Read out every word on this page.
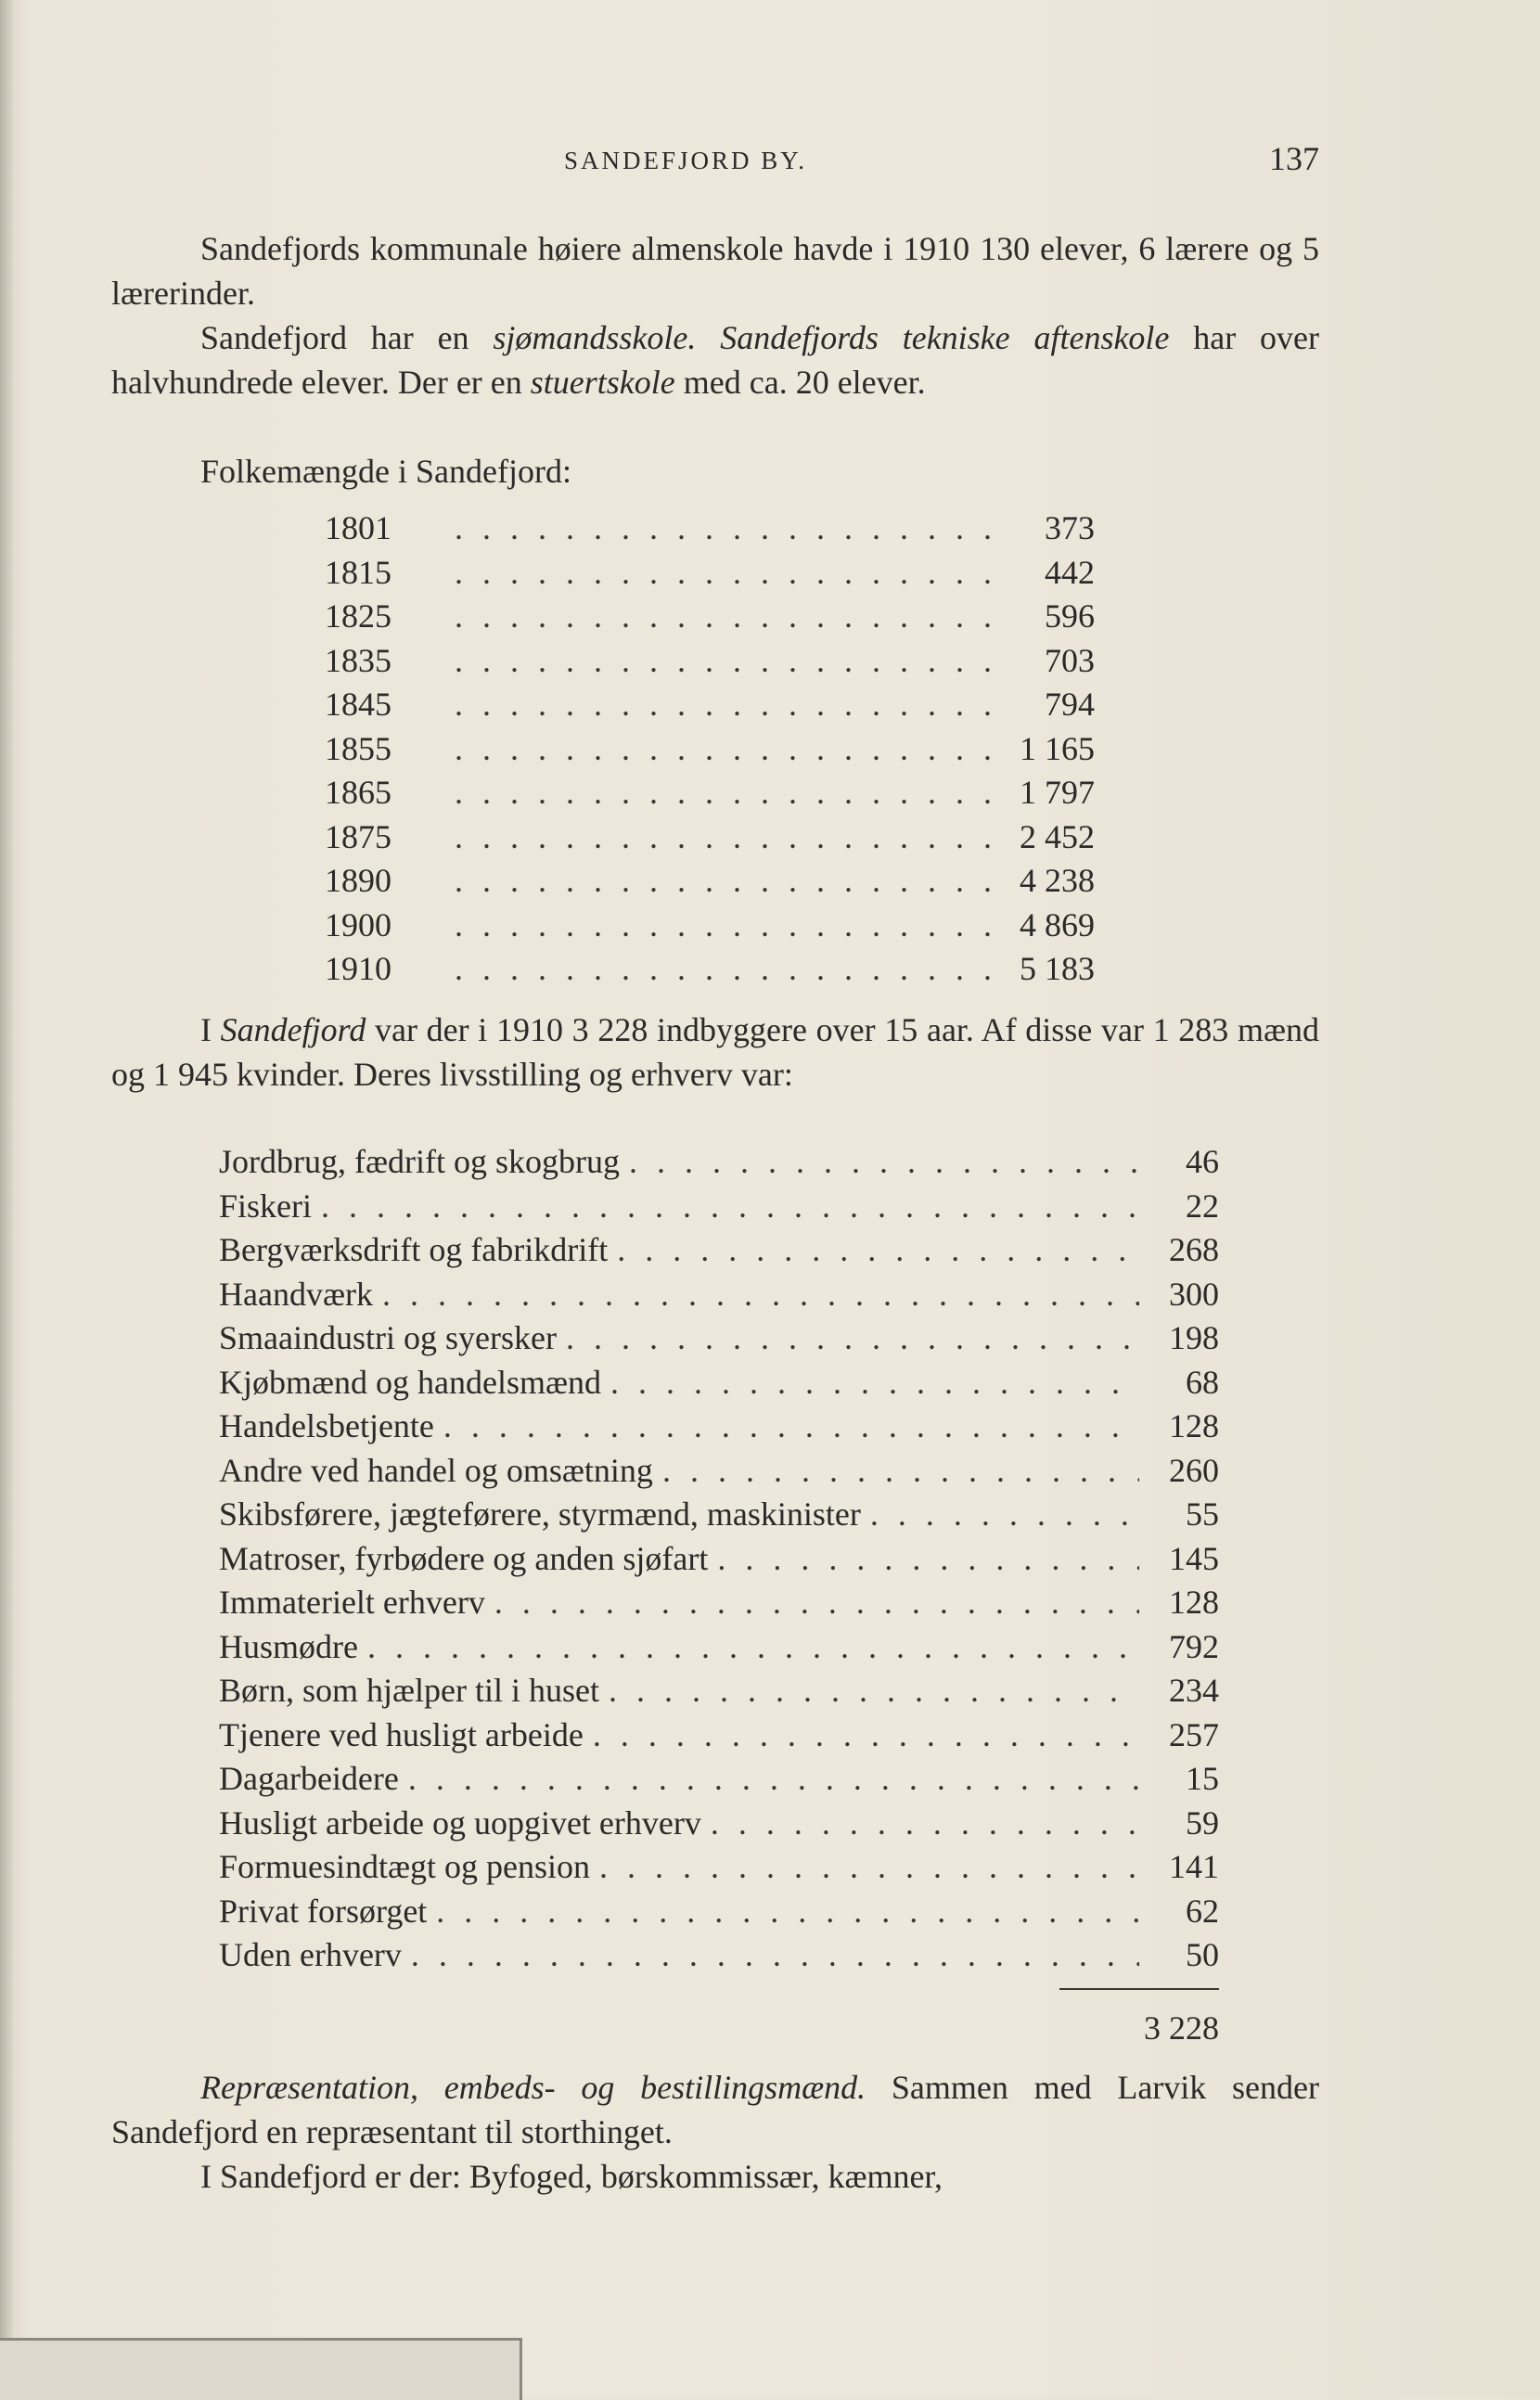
SANDEFJORD BY.	137

Sandefjords kommunale høiere almenskole havde i 1910 130 elever, 6 lærere og 5 lærerinder.

Sandefjord har en sjømandsskole. Sandefjords tekniske aftenskole har over halvhundrede elever. Der er en stuertskole med ca. 20 elever.

Folkemængde i Sandefjord:

1801 . . .	373
1815 . . .	442
1825 . . .	596
1835 . . .	703
1845 . . .	794
1855 . . .	1 165
1865 . . .	1 797
1875 . . .	2 452
1890 . . .	4 238
1900 . . .	4 869
1910 . . .	5 183

I Sandefjord var der i 1910 3 228 indbyggere over 15 aar. Af disse var 1 283 mænd og 1 945 kvinder. Deres livsstilling og erhverv var:

Jordbrug, fædrift og skogbrug . . .	46
Fiskeri . . .	22
Bergværksdrift og fabrikdrift . . .	268
Haandværk . . .	300
Smaaindustri og syersker . . .	198
Kjøbmænd og handelsmænd . . .	68
Handelsbetjente . . .	128
Andre ved handel og omsætning . . .	260
Skibsførere, jægteførere, styrmænd, maskinister . . .	55
Matroser, fyrbødere og anden sjøfart . . .	145
Immaterielt erhverv . . .	128
Husmødre . . .	792
Børn, som hjælper til i huset . . .	234
Tjenere ved husligt arbeide . . .	257
Dagarbeidere . . .	15
Husligt arbeide og uopgivet erhverv . . .	59
Formuesindtægt og pension . . .	141
Privat forsørget . . .	62
Uden erhverv . . .	50
3 228

Repræsentation, embeds- og bestillingsmænd. Sammen med Larvik sender Sandefjord en repræsentant til storthinget.

I Sandefjord er der: Byfoged, børskommissær, kæmner,
